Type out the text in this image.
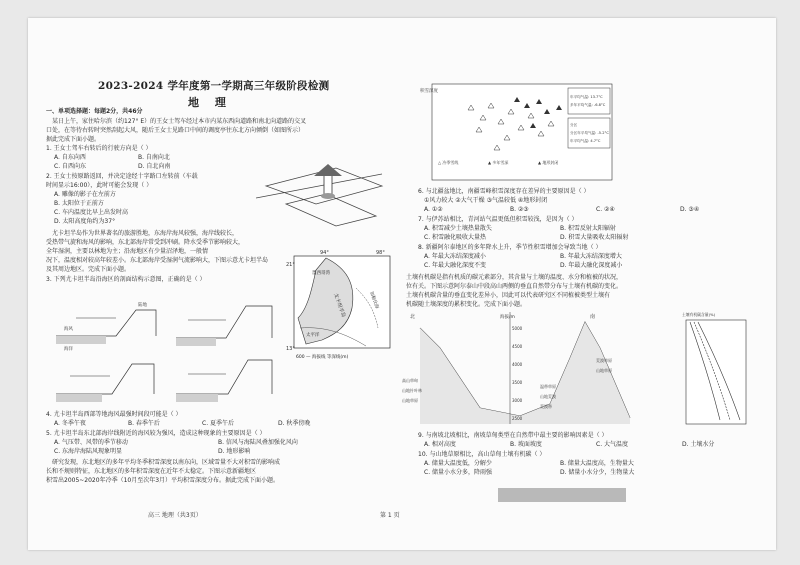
2023-2024 学年度第一学期高三年级阶段检测
地 理
一、单项选择题：每题2分，共46分
某日上午，家住哈尔滨（约127° E）的王女士驾车经过本市内某东西向道路和南北向道路的交叉
口处，在等待右转时突然刮起大风，随后王女士见路口中间的调度亭往东北方向倾倒（如图所示）
据此完成下面小题。
1. 王女士驾车右转后的行驶方向是（ ）
A. 自东向西	B. 自南向北
C. 自西向东	D. 自北向南
2. 王女士按原路返回，并决定途经十字路口左转前（车载
时间显示16:00），此时可能会发现（ ）
A. 雕像的影子在左前方
B. 太阳位于正前方
C. 车内温度比早上出发时高
D. 太阳高度角约为37°
尤卡坦半岛作为世界著名的旅游胜地，东海岸海风较强，海岸线较长，
受热带气旋和海风的影响，东北部海岸常受到冲刷。降水受季节影响较大，
全年湿润，主要以林地为主；沿海地区有少量沼泽地，一般情
况下，温度相对较高年较差小。东北部海岸受湿润气流影响大，下图示意尤卡坦半岛
及其周边地区。完成下面小题。
94°	98°
21°
13°
墨西哥湾
尤卡坦半岛	加勒比海
太平洋
600 — 海拔线 等深线(m)
3. 下列尤卡坦半岛沿海区的剖面结构示意图，正确的是（ ）
海风
陆地
海洋
4. 尤卡坦半岛西部等地海风最强时间段可能是（ ）
A. 冬季午夜	B. 春季午后	C. 夏季午后	D. 秋季傍晚
5. 尤卡坦半岛东北部海岸线附近的海风较为强风，造成这种现象的主要原因是（ ）
A. 气压带、风带的季节移动	B. 信风与海陆风叠加强化风向
C. 东海岸海陆风现象明显	D. 地形影响
研究发现，东北地区的多年平均冬季积雪深度以南东向，区域雪量不大对积雪的影响成
长和不规则特征，东北地区的多年积雪深度在近年不太稳定。下图示意新疆地区
积雪出2005~2020年冷季（10月至次年3月）平均积雪深度分布。据此完成下面小题。
积雪深度
年平均气温: 13.7°C
多年平均气温: -6.8°C
分区
分区年平均气温: -5.2°C
年平均气温: 4.7°C
△ 冷季雪线	▲ 多年雪深	▲ 地形封闭
6. 与北疆盆地比，南疆雪峰积雪深度存在差异的主要原因是（ ）
①风力较大 ②大气干燥 ③气温较低 ④地形封闭
A. ①②	B. ②③	C. ②④	D. ③④
7. 与伊苏站相比，青河站气温更低但积雪较浅，是因为（ ）
A. 积雪减少土壤热量散失	B. 积雪反射太阳辐射
C. 积雪融化吸收大量热	D. 积雪大量吸收太阳辐射
8. 新疆阿尔泰地区的多年降水上升，季节性积雪增加会导致当地（ ）
A. 年最大冻结深度减小	B. 年最大冻结深度增大
C. 年最大融化深度不变	D. 年最大融化深度减小
土壤有机碳是指有机质的碳元素部分，其含量与土壤的温度、水分和植被的状况，
位有关。下图示意阿尔泰山中段高山两侧的垂直自然带分布与土壤有机碳的变化。
土壤有机碳含量的垂直变化差异小，因此可以代表研究区不同植被类型土壤有
机碳随土壤深度的累积变化。完成下面小题。
北	海拔/m	南
5000
4500
4000
3500
3000
2500
高山草甸
山地针叶林
山地草原
荒漠草原
山地草原
温带草原
山地荒漠
荒漠带
土壤有机碳含量(%)
9. 与南坡北坡相比，南坡草甸类型在自然带中最主要的影响因素是（ ）
A. 相对高度	B. 坡面坡度	C. 大气温度	D. 土壤水分
10. 与山地草原相比，高山草甸土壤有机碳（ ）
A. 储量大温度低，分解少	B. 储量大温度高，生物量大
C. 储量小水分多，降雨强	D. 储量小水分少，生物量大
高三 地理（共3页）	第 1 页
